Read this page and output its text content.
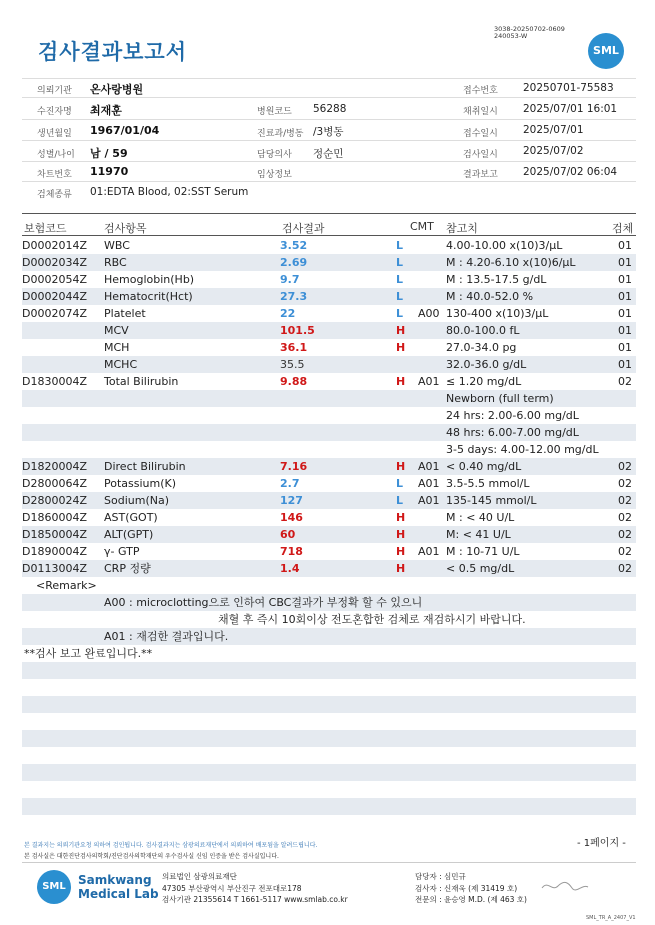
검사결과보고서
3038-20250702-0609
240053-W
SML
의뢰기관 온사랑병원	접수번호 20250701-75583
수진자명 최재훈	병원코드 56288	채취일시 2025/07/01 16:01
생년월일 1967/01/04	진료과/병동 /3병동	접수일시 2025/07/01
성별/나이 남 / 59	담당의사 정순민	검사일시 2025/07/02
차트번호 11970	임상정보	결과보고 2025/07/02 06:04
검체종류 01:EDTA Blood, 02:SST Serum
보험코드	검사항목	검사결과	CMT 참고치	검체
D0002014Z WBC	3.52	L	4.00-10.00 x(10)3/μL	01
D0002034Z RBC	2.69	L	M : 4.20-6.10 x(10)6/μL	01
D0002054Z Hemoglobin(Hb)	9.7	L	M : 13.5-17.5 g/dL	01
D0002044Z Hematocrit(Hct)	27.3	L	M : 40.0-52.0 %	01
D0002074Z Platelet	22	L A00 130-400 x(10)3/μL	01
MCV	101.5	H	80.0-100.0 fL	01
MCH	36.1	H	27.0-34.0 pg	01
MCHC	35.5	32.0-36.0 g/dL	01
D1830004Z Total Bilirubin	9.88	H A01 ≤ 1.20 mg/dL	02
Newborn (full term)
24 hrs: 2.00-6.00 mg/dL
48 hrs: 6.00-7.00 mg/dL
3-5 days: 4.00-12.00 mg/dL
D1820004Z Direct Bilirubin	7.16	H A01 < 0.40 mg/dL	02
D2800064Z Potassium(K)	2.7	L A01 3.5-5.5 mmol/L	02
D2800024Z Sodium(Na)	127	L A01 135-145 mmol/L	02
D1860004Z AST(GOT)	146	H	M : < 40 U/L	02
D1850004Z ALT(GPT)	60	H	M: < 41 U/L	02
D1890004Z γ- GTP	718	H A01 M : 10-71 U/L	02
D0113004Z CRP 정량	1.4	H	< 0.5 mg/dL	02
<Remark>
A00 : microclotting으로 인하여 CBC결과가 부정확 할 수 있으니
채혈 후 즉시 10회이상 전도혼합한 검체로 재검하시기 바랍니다.
A01 : 재검한 결과입니다.
**검사 보고 완료입니다.**
본 결과지는 의뢰기관요청 의하여 검인됩니다. 검사결과지는 삼광의료재단에서 의뢰하여 배포됨을 알려드립니다.
본 검사실은 대한진단검사의학회/진단검사의학재단의 우수검사실 신임 인증을 받은 검사실입니다.
- 1페이지 -
SML	Samkwang
Medical Lab
의료법인 삼광의료재단
47305 부산광역시 부산진구 전포대로178
검사기관 21355614 T 1661-5117 www.smlab.co.kr
담당자 : 심민규
검사자 : 신재욱 (제 31419 호)
전문의 : 윤승영 M.D. (제 463 호)
SML_TR_A_2407_V1
